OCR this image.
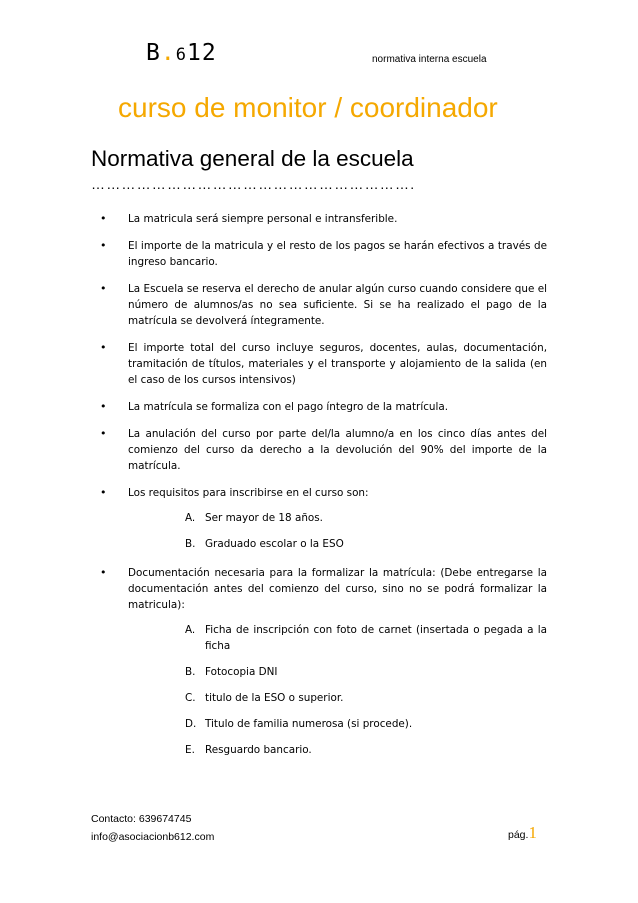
B.612	normativa interna escuela
curso de monitor / coordinador
Normativa general de la escuela
……………………………………………………….
• La matricula será siempre personal e intransferible.
• El importe de la matricula y el resto de los pagos se harán efectivos a través de ingreso bancario.
• La Escuela se reserva el derecho de anular algún curso cuando considere que el número de alumnos/as no sea suficiente. Si se ha realizado el pago de la matrícula se devolverá íntegramente.
• El importe total del curso incluye seguros, docentes, aulas, documentación, tramitación de títulos, materiales y el transporte y alojamiento de la salida (en el caso de los cursos intensivos)
• La matrícula se formaliza con el pago íntegro de la matrícula.
• La anulación del curso por parte del/la alumno/a en los cinco días antes del comienzo del curso da derecho a la devolución del 90% del importe de la matrícula.
• Los requisitos para inscribirse en el curso son:
A. Ser mayor de 18 años.
B. Graduado escolar o la ESO
• Documentación necesaria para la formalizar la matrícula: (Debe entregarse la documentación antes del comienzo del curso, sino no se podrá formalizar la matricula):
A. Ficha de inscripción con foto de carnet (insertada o pegada a la ficha
B. Fotocopia DNI
C. titulo de la ESO o superior.
D. Titulo de familia numerosa (si procede).
E. Resguardo bancario.
Contacto: 639674745
info@asociacionb612.com	pág.1
